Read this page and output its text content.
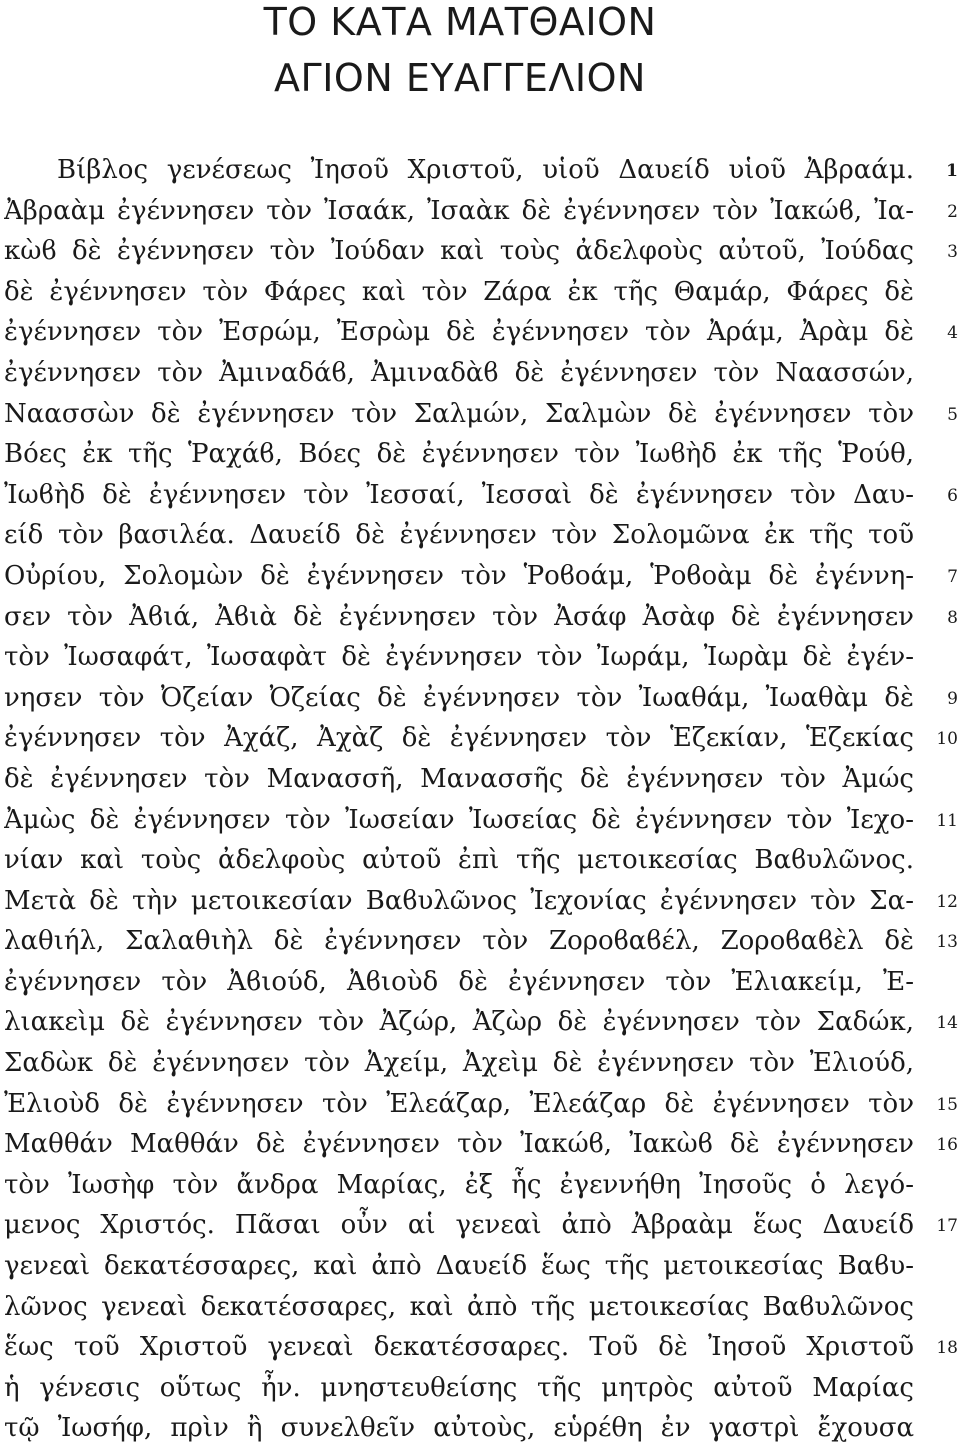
ΤΟ ΚΑΤΑ ΜΑΤΘΑΙΟΝ
ΑΓΙΟΝ ΕΥΑΓΓΕΛΙΟΝ
Βίβλος γενέσεως Ἰησοῦ Χριστοῦ, υἱοῦ Δαυείδ υἱοῦ Ἀβραάμ.	1
Ἀβραὰμ ἐγέννησεν τὸν Ἰσαάκ, Ἰσαὰκ δὲ ἐγέννησεν τὸν Ἰακώϐ, Ἰα-	2
κὼϐ δὲ ἐγέννησεν τὸν Ἰούδαν καὶ τοὺς ἀδελφοὺς αὐτοῦ, Ἰούδας	3
δὲ ἐγέννησεν τὸν Φάρες καὶ τὸν Ζάρα ἐκ τῆς Θαμάρ, Φάρες δὲ
ἐγέννησεν τὸν Ἐσρώμ, Ἐσρὼμ δὲ ἐγέννησεν τὸν Ἀράμ, Ἀρὰμ δὲ	4
ἐγέννησεν τὸν Ἀμιναδάϐ, Ἀμιναδὰϐ δὲ ἐγέννησεν τὸν Ναασσών,
Ναασσὼν δὲ ἐγέννησεν τὸν Σαλμών, Σαλμὼν δὲ ἐγέννησεν τὸν	5
Βόες ἐκ τῆς Ῥαχάϐ, Βόες δὲ ἐγέννησεν τὸν Ἰωϐὴδ ἐκ τῆς Ῥούθ,
Ἰωϐὴδ δὲ ἐγέννησεν τὸν Ἰεσσαί, Ἰεσσαὶ δὲ ἐγέννησεν τὸν Δαυ-	6
είδ τὸν βασιλέα. Δαυείδ δὲ ἐγέννησεν τὸν Σολομῶνα ἐκ τῆς τοῦ
Οὐρίου, Σολομὼν δὲ ἐγέννησεν τὸν Ῥοϐοάμ, Ῥοϐοὰμ δὲ ἐγέννη-	7
σεν τὸν Ἀϐιά, Ἀϐιὰ δὲ ἐγέννησεν τὸν Ἀσάφ Ἀσὰφ δὲ ἐγέννησεν	8
τὸν Ἰωσαφάτ, Ἰωσαφὰτ δὲ ἐγέννησεν τὸν Ἰωράμ, Ἰωρὰμ δὲ ἐγέν-
νησεν τὸν Ὀζείαν Ὀζείας δὲ ἐγέννησεν τὸν Ἰωαθάμ, Ἰωαθὰμ δὲ	9
ἐγέννησεν τὸν Ἀχάζ, Ἀχὰζ δὲ ἐγέννησεν τὸν Ἑζεκίαν, Ἑζεκίας	10
δὲ ἐγέννησεν τὸν Μανασσῆ, Μανασσῆς δὲ ἐγέννησεν τὸν Ἀμώς
Ἀμὼς δὲ ἐγέννησεν τὸν Ἰωσείαν Ἰωσείας δὲ ἐγέννησεν τὸν Ἰεχο-	11
νίαν καὶ τοὺς ἀδελφοὺς αὐτοῦ ἐπὶ τῆς μετοικεσίας Βαϐυλῶνος.
Μετὰ δὲ τὴν μετοικεσίαν Βαϐυλῶνος Ἰεχονίας ἐγέννησεν τὸν Σα-	12
λαθιήλ, Σαλαθιὴλ δὲ ἐγέννησεν τὸν Ζοροϐαϐέλ, Ζοροϐαϐὲλ δὲ	13
ἐγέννησεν τὸν Ἀϐιούδ, Ἀϐιοὺδ δὲ ἐγέννησεν τὸν Ἐλιακείμ, Ἐ-
λιακεὶμ δὲ ἐγέννησεν τὸν Ἀζώρ, Ἀζὼρ δὲ ἐγέννησεν τὸν Σαδώκ,	14
Σαδὼκ δὲ ἐγέννησεν τὸν Ἀχείμ, Ἀχεὶμ δὲ ἐγέννησεν τὸν Ἐλιούδ,
Ἐλιοὺδ δὲ ἐγέννησεν τὸν Ἐλεάζαρ, Ἐλεάζαρ δὲ ἐγέννησεν τὸν	15
Μαθθάν Μαθθάν δὲ ἐγέννησεν τὸν Ἰακώϐ, Ἰακὼϐ δὲ ἐγέννησεν	16
τὸν Ἰωσὴφ τὸν ἄνδρα Μαρίας, ἐξ ἧς ἐγεννήθη Ἰησοῦς ὁ λεγό-
μενος Χριστός. Πᾶσαι οὖν αἱ γενεαὶ ἀπὸ Ἀβραὰμ ἕως Δαυείδ	17
γενεαὶ δεκατέσσαρες, καὶ ἀπὸ Δαυείδ ἕως τῆς μετοικεσίας Βαϐυ-
λῶνος γενεαὶ δεκατέσσαρες, καὶ ἀπὸ τῆς μετοικεσίας Βαϐυλῶνος
ἕως τοῦ Χριστοῦ γενεαὶ δεκατέσσαρες. Τοῦ δὲ Ἰησοῦ Χριστοῦ	18
ἡ γένεσις οὕτως ἦν. μνηστευθείσης τῆς μητρὸς αὐτοῦ Μαρίας
τῷ Ἰωσήφ, πρὶν ἢ συνελθεῖν αὐτοὺς, εὑρέθη ἐν γαστρὶ ἔχουσα
